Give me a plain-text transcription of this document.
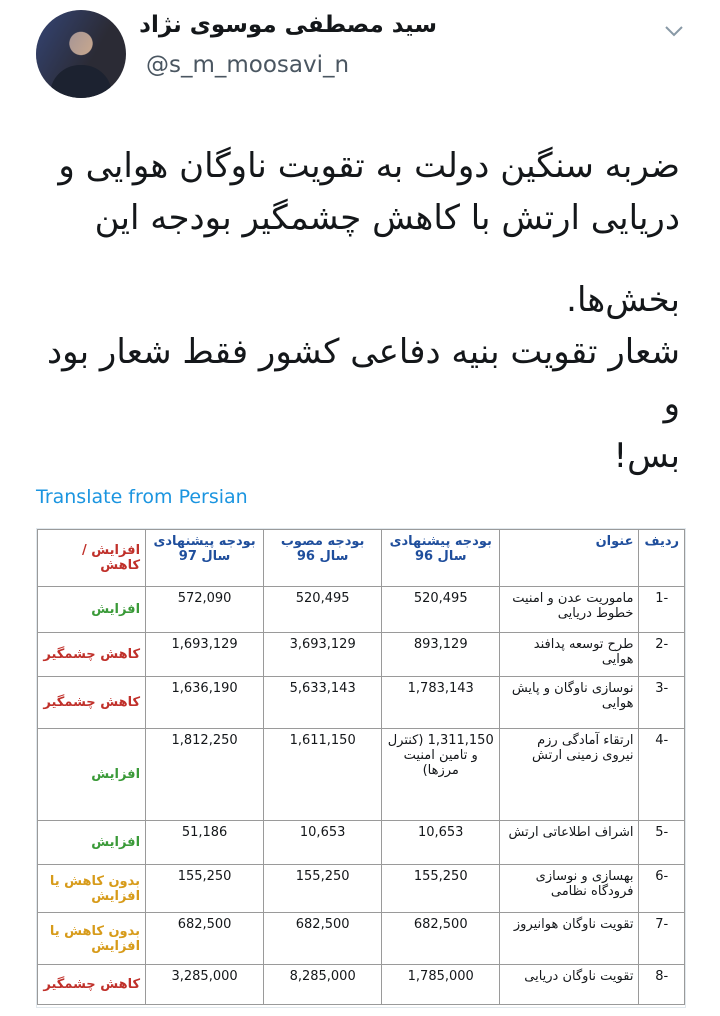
سید مصطفی موسوی نژاد
@s_m_moosavi_n

ضربه سنگین دولت به تقویت ناوگان هوایی و

دریایی ارتش با کاهش چشمگیر بودجه این

بخش‌ها.

شعار تقویت بنیه دفاعی کشور فقط شعار بود و

بس!

Translate from Persian
ردیف	عنوان	بودجه پیشنهادی سال 96	بودجه مصوب سال 96	بودجه پیشنهادی سال 97	افزایش / کاهش
-1	ماموریت عدن و امنیت خطوط دریایی	520,495	520,495	572,090	افزایش
-2	طرح توسعه پدافند هوایی	893,129	3,693,129	1,693,129	کاهش چشمگیر
-3	نوسازی ناوگان و پایش هوایی	1,783,143	5,633,143	1,636,190	کاهش چشمگیر
-4	ارتقاء آمادگی رزم نیروی زمینی ارتش	1,311,150 (کنترل و تامین امنیت مرزها)	1,611,150	1,812,250	افزایش
-5	اشراف اطلاعاتی ارتش	10,653	10,653	51,186	افزایش
-6	بهسازی و نوسازی فرودگاه نظامی	155,250	155,250	155,250	بدون کاهش یا افزایش
-7	تقویت ناوگان هوانیروز	682,500	682,500	682,500	بدون کاهش یا افزایش
-8	تقویت ناوگان دریایی	1,785,000	8,285,000	3,285,000	کاهش چشمگیر
